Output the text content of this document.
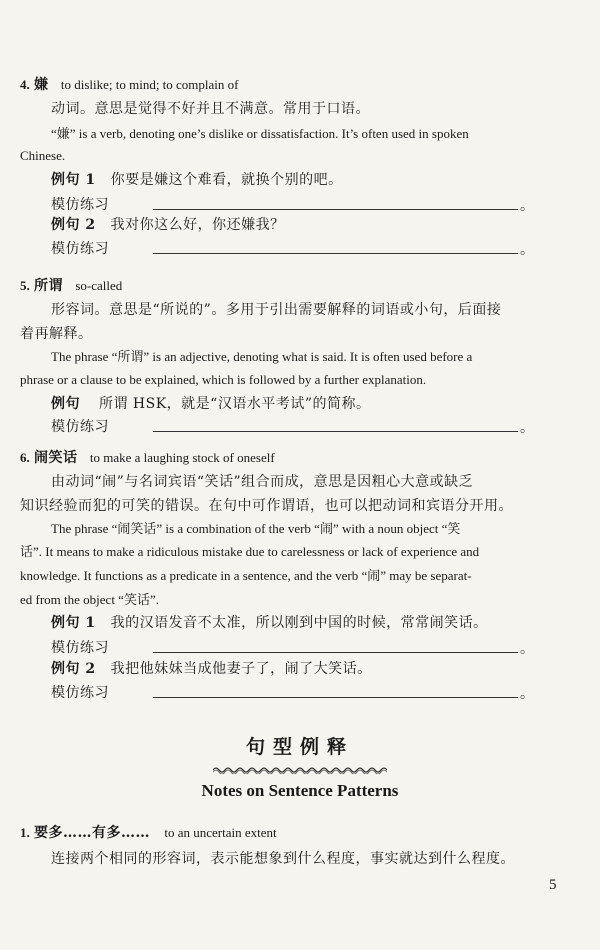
4. 嫌 to dislike; to mind; to complain of
动词。意思是觉得不好并且不满意。常用于口语。
“嫌” is a verb, denoting one’s dislike or dissatisfaction. It’s often used in spoken
Chinese.
例句 1 你要是嫌这个难看，就换个别的吧。
模仿练习	。
例句 2 我对你这么好，你还嫌我？
模仿练习	。
5. 所谓 so-called
形容词。意思是“所说的”。多用于引出需要解释的词语或小句，后面接
着再解释。
The phrase “所谓” is an adjective, denoting what is said. It is often used before a
phrase or a clause to be explained, which is followed by a further explanation.
例句 所谓 HSK，就是“汉语水平考试”的简称。
模仿练习	。
6. 闹笑话 to make a laughing stock of oneself
由动词“闹”与名词宾语“笑话”组合而成，意思是因粗心大意或缺乏
知识经验而犯的可笑的错误。在句中可作谓语，也可以把动词和宾语分开用。
The phrase “闹笑话” is a combination of the verb “闹” with a noun object “笑
话”. It means to make a ridiculous mistake due to carelessness or lack of experience and
knowledge. It functions as a predicate in a sentence, and the verb “闹” may be separat-
ed from the object “笑话”.
例句 1 我的汉语发音不太准，所以刚到中国的时候，常常闹笑话。
模仿练习	。
例句 2 我把他妹妹当成他妻子了，闹了大笑话。
模仿练习	。
句型例释
Notes on Sentence Patterns
1. 要多……有多…… to an uncertain extent
连接两个相同的形容词，表示能想象到什么程度，事实就达到什么程度。
5
